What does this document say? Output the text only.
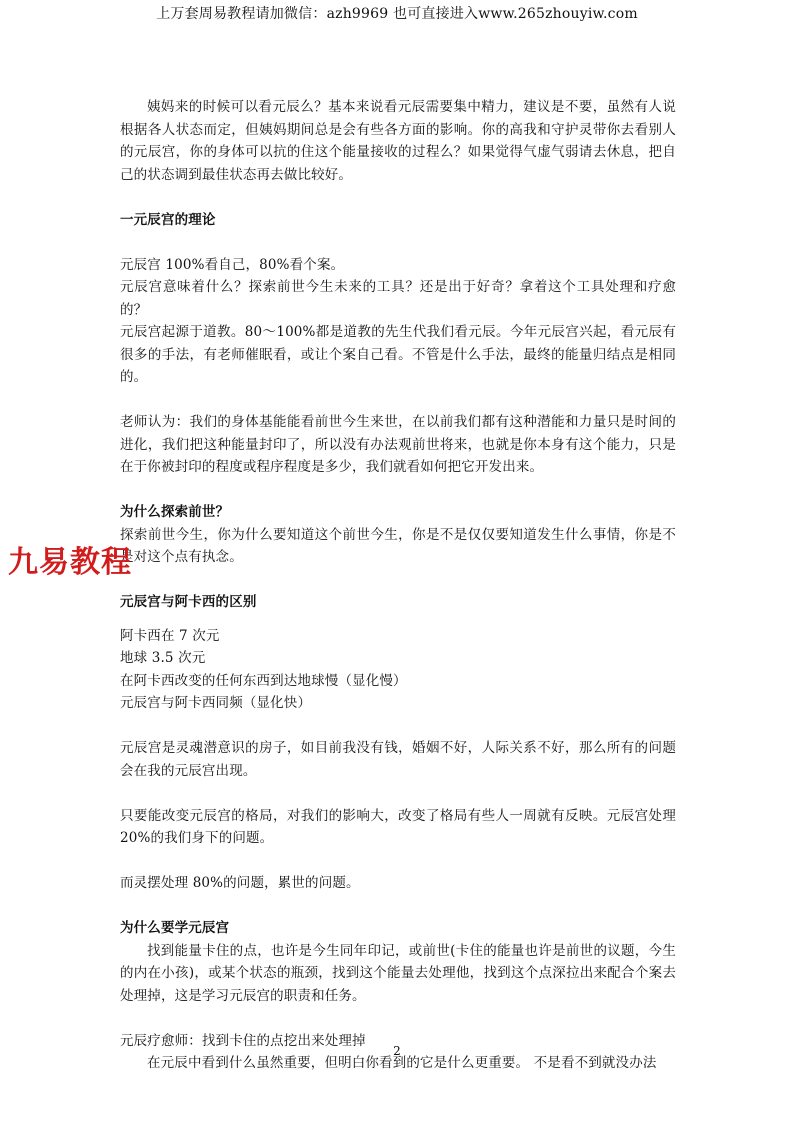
上万套周易教程请加微信：azh9969 也可直接进入www.265zhouyiw.com

姨妈来的时候可以看元辰么？基本来说看元辰需要集中精力，建议是不要，虽然有人说根据各人状态而定，但姨妈期间总是会有些各方面的影响。你的高我和守护灵带你去看别人的元辰宫，你的身体可以抗的住这个能量接收的过程么？如果觉得气虚气弱请去休息，把自己的状态调到最佳状态再去做比较好。

一元辰宫的理论

元辰宫 100%看自己，80%看个案。

元辰宫意味着什么？探索前世今生未来的工具？还是出于好奇？拿着这个工具处理和疗愈的？

元辰宫起源于道教。80～100%都是道教的先生代我们看元辰。今年元辰宫兴起，看元辰有很多的手法，有老师催眠看，或让个案自己看。不管是什么手法，最终的能量归结点是相同的。

老师认为：我们的身体基能能看前世今生来世，在以前我们都有这种潜能和力量只是时间的进化，我们把这种能量封印了，所以没有办法观前世将来，也就是你本身有这个能力，只是在于你被封印的程度或程序程度是多少，我们就看如何把它开发出来。

为什么探索前世？

探索前世今生，你为什么要知道这个前世今生，你是不是仅仅要知道发生什么事情，你是不是对这个点有执念。

元辰宫与阿卡西的区别

阿卡西在 7 次元

地球 3.5 次元

在阿卡西改变的任何东西到达地球慢（显化慢）

元辰宫与阿卡西同频（显化快）

元辰宫是灵魂潜意识的房子，如目前我没有钱，婚姻不好，人际关系不好，那么所有的问题会在我的元辰宫出现。

只要能改变元辰宫的格局，对我们的影响大，改变了格局有些人一周就有反映。元辰宫处理 20%的我们身下的问题。

而灵摆处理 80%的问题，累世的问题。

为什么要学元辰宫

找到能量卡住的点，也许是今生同年印记，或前世(卡住的能量也许是前世的议题，今生的内在小孩)，或某个状态的瓶颈，找到这个能量去处理他，找到这个点深拉出来配合个案去处理掉，这是学习元辰宫的职责和任务。

元辰疗愈师：找到卡住的点挖出来处理掉

在元辰中看到什么虽然重要，但明白你看到的它是什么更重要。 不是看不到就没办法

九易教程
2
